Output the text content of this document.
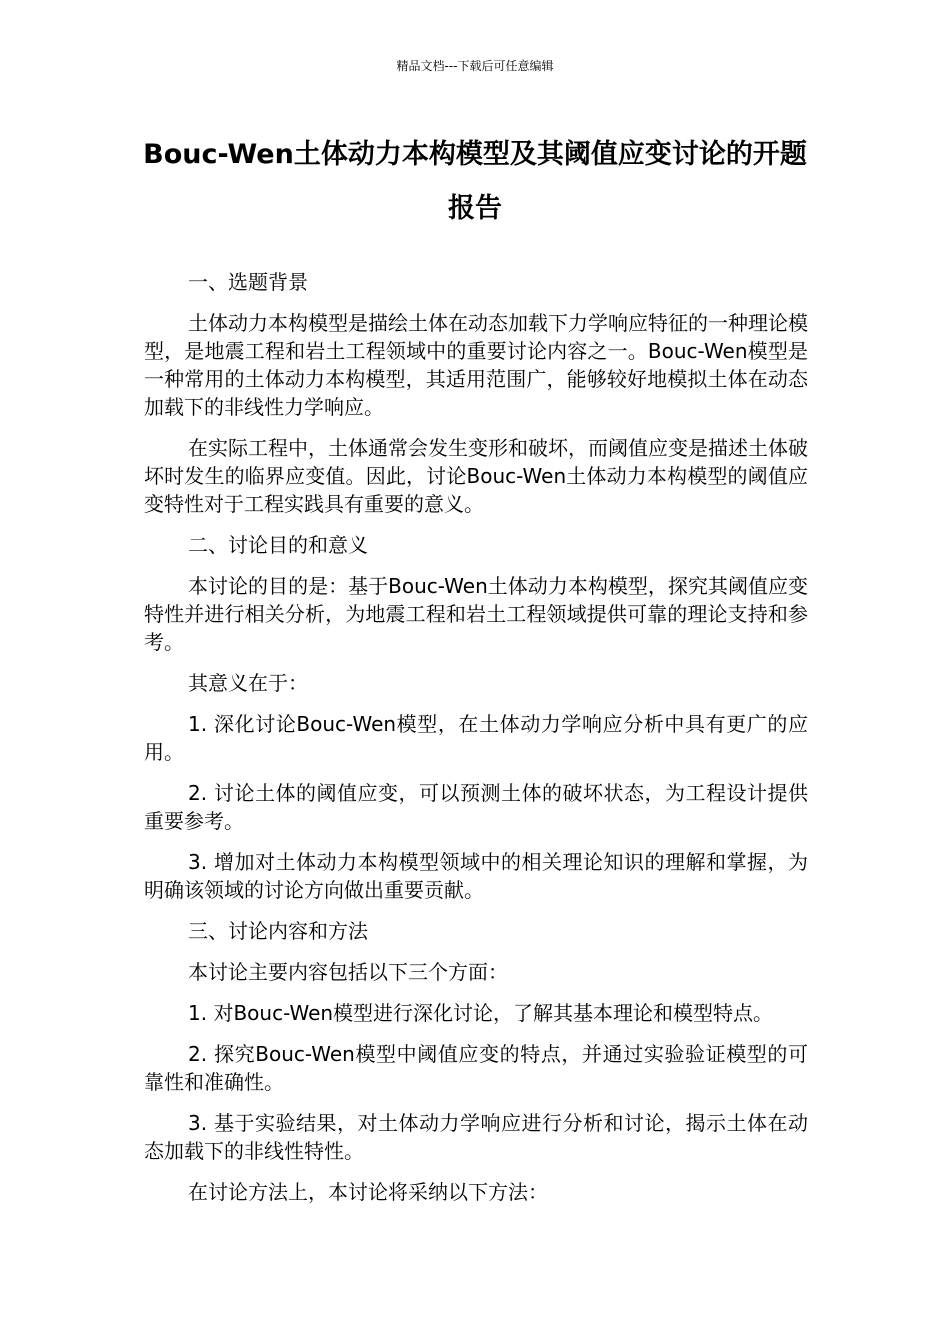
精品文档---下载后可任意编辑
Bouc-Wen土体动力本构模型及其阈值应变讨论的开题报告

一、选题背景

土体动力本构模型是描绘土体在动态加载下力学响应特征的一种理论模型，是地震工程和岩土工程领域中的重要讨论内容之一。Bouc-Wen模型是一种常用的土体动力本构模型，其适用范围广，能够较好地模拟土体在动态加载下的非线性力学响应。

在实际工程中，土体通常会发生变形和破坏，而阈值应变是描述土体破坏时发生的临界应变值。因此，讨论Bouc-Wen土体动力本构模型的阈值应变特性对于工程实践具有重要的意义。

二、讨论目的和意义

本讨论的目的是：基于Bouc-Wen土体动力本构模型，探究其阈值应变特性并进行相关分析，为地震工程和岩土工程领域提供可靠的理论支持和参考。

其意义在于：

1. 深化讨论Bouc-Wen模型，在土体动力学响应分析中具有更广的应用。

2. 讨论土体的阈值应变，可以预测土体的破坏状态，为工程设计提供重要参考。

3. 增加对土体动力本构模型领域中的相关理论知识的理解和掌握，为明确该领域的讨论方向做出重要贡献。

三、讨论内容和方法

本讨论主要内容包括以下三个方面：

1. 对Bouc-Wen模型进行深化讨论，了解其基本理论和模型特点。

2. 探究Bouc-Wen模型中阈值应变的特点，并通过实验验证模型的可靠性和准确性。

3. 基于实验结果，对土体动力学响应进行分析和讨论，揭示土体在动态加载下的非线性特性。

在讨论方法上，本讨论将采纳以下方法：
